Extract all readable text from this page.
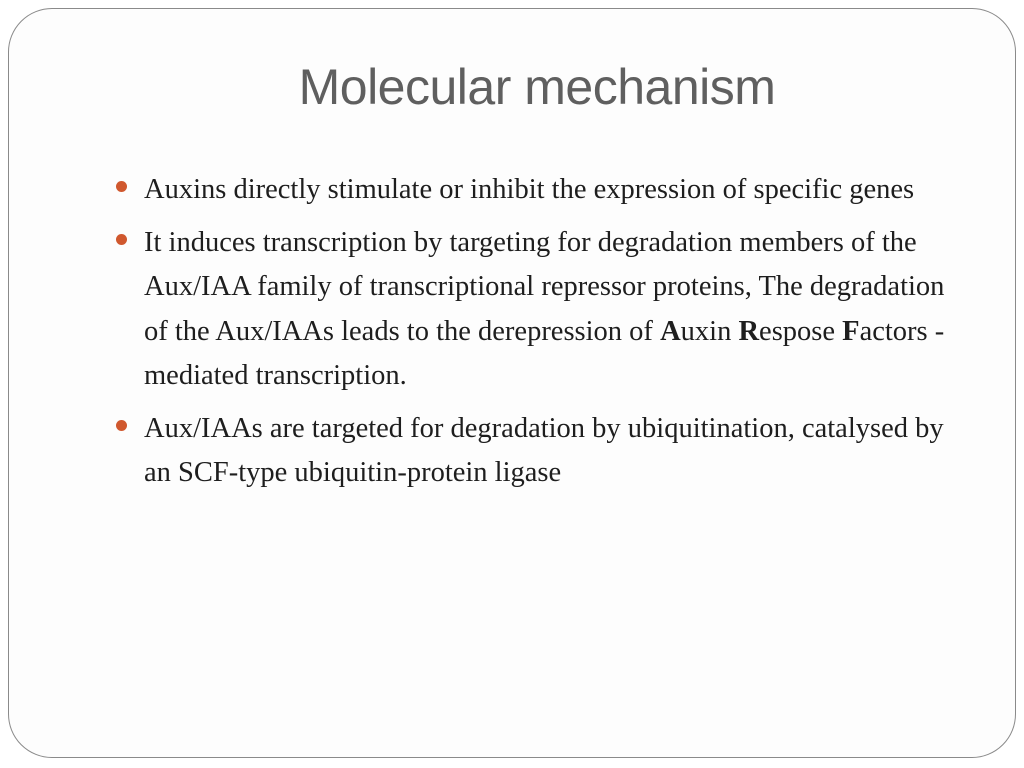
Molecular mechanism
Auxins directly stimulate or inhibit the expression of specific genes
It induces transcription by targeting for degradation members of the Aux/IAA family of transcriptional repressor proteins, The degradation of the Aux/IAAs leads to the derepression of Auxin Respose Factors -mediated transcription.
Aux/IAAs are targeted for degradation by ubiquitination, catalysed by an SCF-type ubiquitin-protein ligase
